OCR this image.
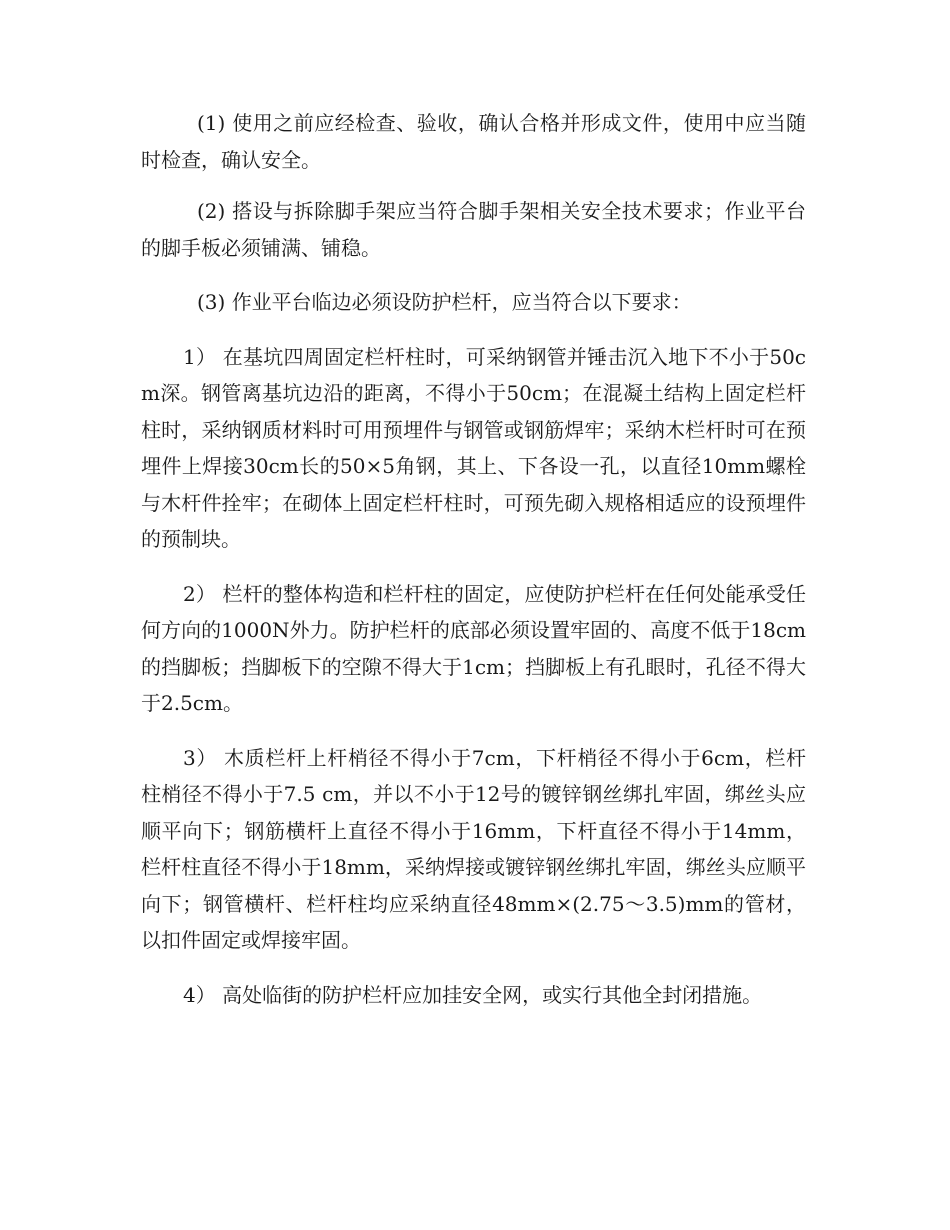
(1) 使用之前应经检查、验收，确认合格并形成文件，使用中应当随时检查，确认安全。

(2) 搭设与拆除脚手架应当符合脚手架相关安全技术要求；作业平台的脚手板必须铺满、铺稳。

(3) 作业平台临边必须设防护栏杆，应当符合以下要求：

1） 在基坑四周固定栏杆柱时，可采纳钢管并锤击沉入地下不小于50cm深。钢管离基坑边沿的距离，不得小于50cm；在混凝土结构上固定栏杆柱时，采纳钢质材料时可用预埋件与钢管或钢筋焊牢；采纳木栏杆时可在预埋件上焊接30cm长的50×5角钢，其上、下各设一孔，以直径10mm螺栓与木杆件拴牢；在砌体上固定栏杆柱时，可预先砌入规格相适应的设预埋件的预制块。

2） 栏杆的整体构造和栏杆柱的固定，应使防护栏杆在任何处能承受任何方向的1000N外力。防护栏杆的底部必须设置牢固的、高度不低于18cm的挡脚板；挡脚板下的空隙不得大于1cm；挡脚板上有孔眼时，孔径不得大于2.5cm。

3） 木质栏杆上杆梢径不得小于7cm，下杆梢径不得小于6cm，栏杆柱梢径不得小于7.5 cm，并以不小于12号的镀锌钢丝绑扎牢固，绑丝头应顺平向下；钢筋横杆上直径不得小于16mm，下杆直径不得小于14mm，栏杆柱直径不得小于18mm，采纳焊接或镀锌钢丝绑扎牢固，绑丝头应顺平向下；钢管横杆、栏杆柱均应采纳直径48mm×(2.75～3.5)mm的管材，以扣件固定或焊接牢固。

4） 高处临街的防护栏杆应加挂安全网，或实行其他全封闭措施。
